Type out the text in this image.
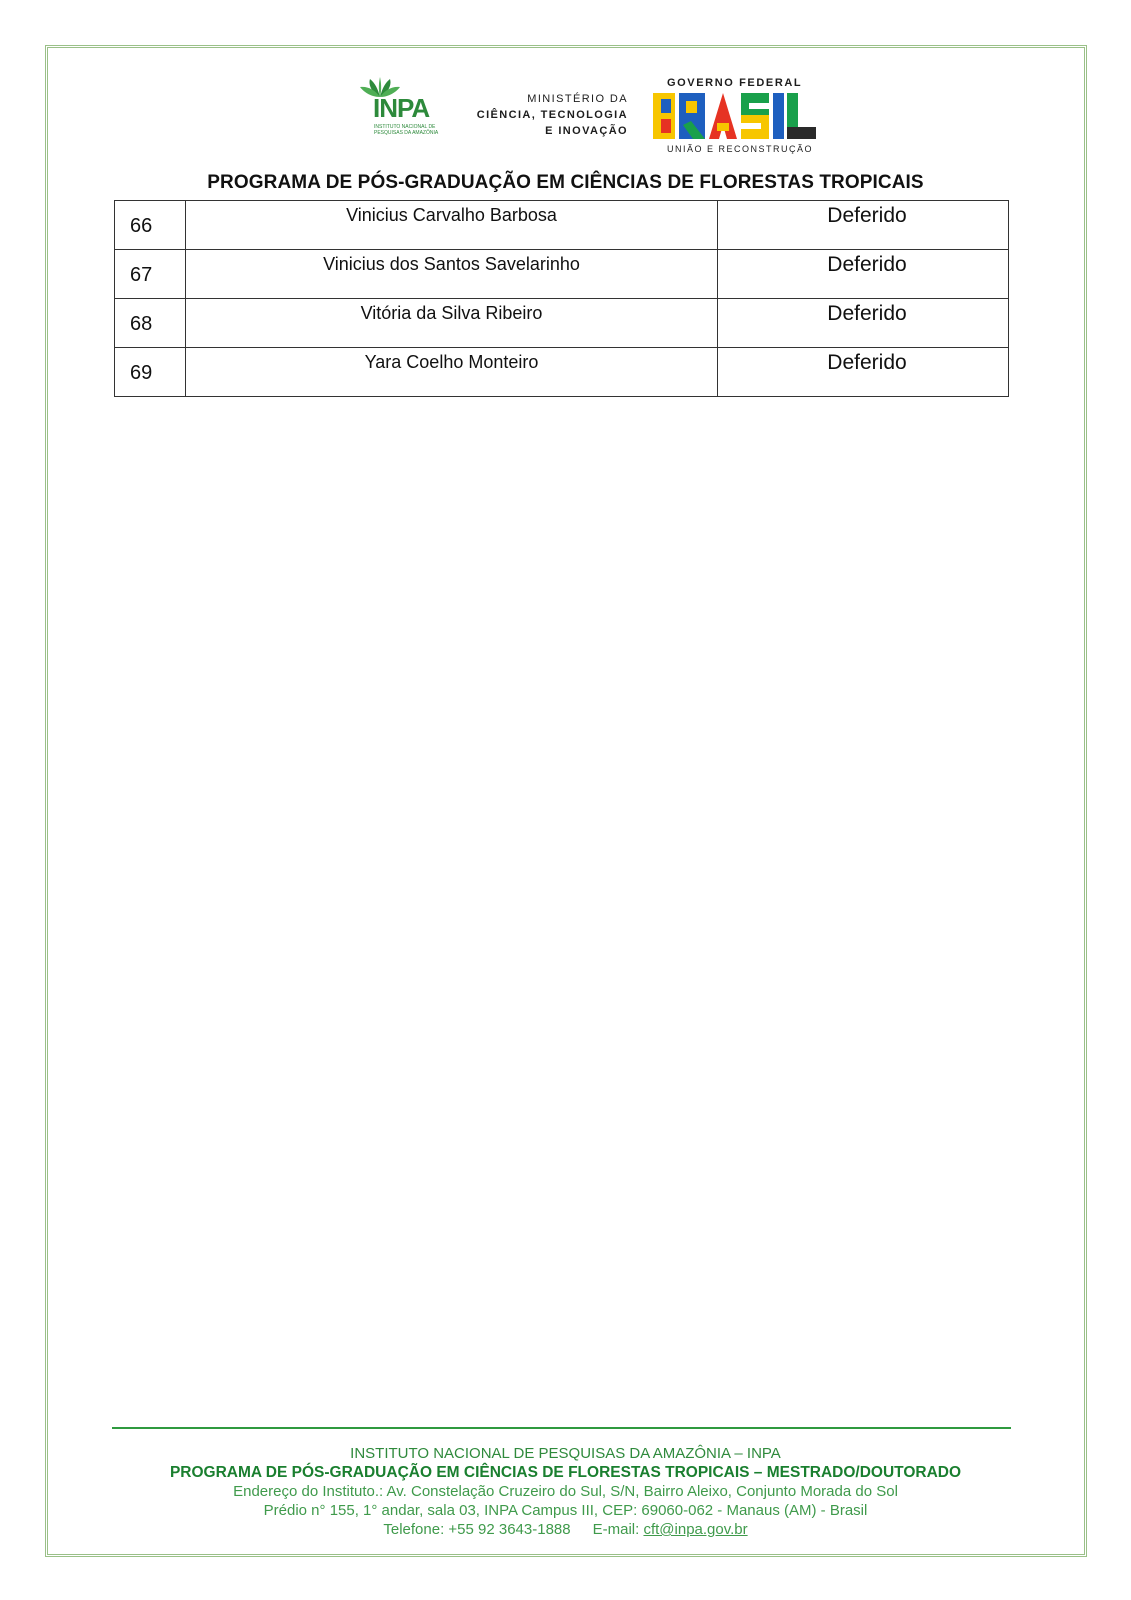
INPA
INSTITUTO NACIONAL DE PESQUISAS DA AMAZÔNIA
MINISTÉRIO DA
CIÊNCIA, TECNOLOGIA
E INOVAÇÃO
GOVERNO FEDERAL
UNIÃO E RECONSTRUÇÃO
PROGRAMA DE PÓS-GRADUAÇÃO EM CIÊNCIAS DE FLORESTAS TROPICAIS
66	Vinicius Carvalho Barbosa	Deferido

67	Vinicius dos Santos Savelarinho	Deferido

68	Vitória da Silva Ribeiro	Deferido

69	Yara Coelho Monteiro	Deferido
INSTITUTO NACIONAL DE PESQUISAS DA AMAZÔNIA – INPA
PROGRAMA DE PÓS-GRADUAÇÃO EM CIÊNCIAS DE FLORESTAS TROPICAIS – MESTRADO/DOUTORADO
Endereço do Instituto.: Av. Constelação Cruzeiro do Sul, S/N, Bairro Aleixo, Conjunto Morada do Sol
Prédio n° 155, 1° andar, sala 03, INPA Campus III, CEP: 69060-062 - Manaus (AM) - Brasil
Telefone: +55 92 3643-1888 E-mail: cft@inpa.gov.br
